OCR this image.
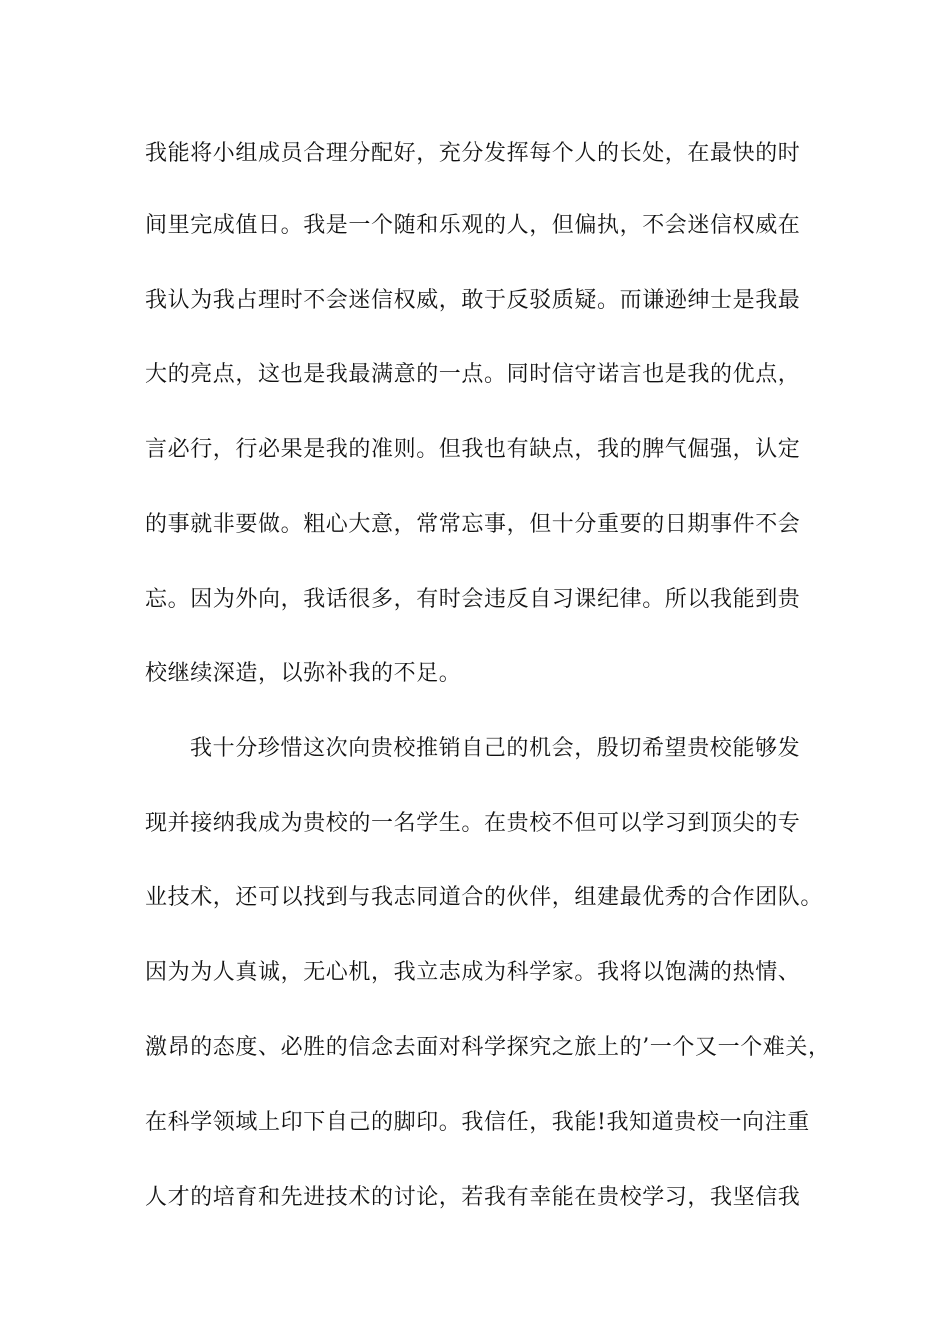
我能将小组成员合理分配好，充分发挥每个人的长处，在最快的时
间里完成值日。我是一个随和乐观的人，但偏执，不会迷信权威在
我认为我占理时不会迷信权威，敢于反驳质疑。而谦逊绅士是我最
大的亮点，这也是我最满意的一点。同时信守诺言也是我的优点，
言必行，行必果是我的准则。但我也有缺点，我的脾气倔强，认定
的事就非要做。粗心大意，常常忘事，但十分重要的日期事件不会
忘。因为外向，我话很多，有时会违反自习课纪律。所以我能到贵
校继续深造，以弥补我的不足。
我十分珍惜这次向贵校推销自己的机会，殷切希望贵校能够发
现并接纳我成为贵校的一名学生。在贵校不但可以学习到顶尖的专
业技术，还可以找到与我志同道合的伙伴，组建最优秀的合作团队。
因为为人真诚，无心机，我立志成为科学家。我将以饱满的热情、
激昂的态度、必胜的信念去面对科学探究之旅上的’一个又一个难关，
在科学领域上印下自己的脚印。我信任，我能!我知道贵校一向注重
人才的培育和先进技术的讨论，若我有幸能在贵校学习，我坚信我
